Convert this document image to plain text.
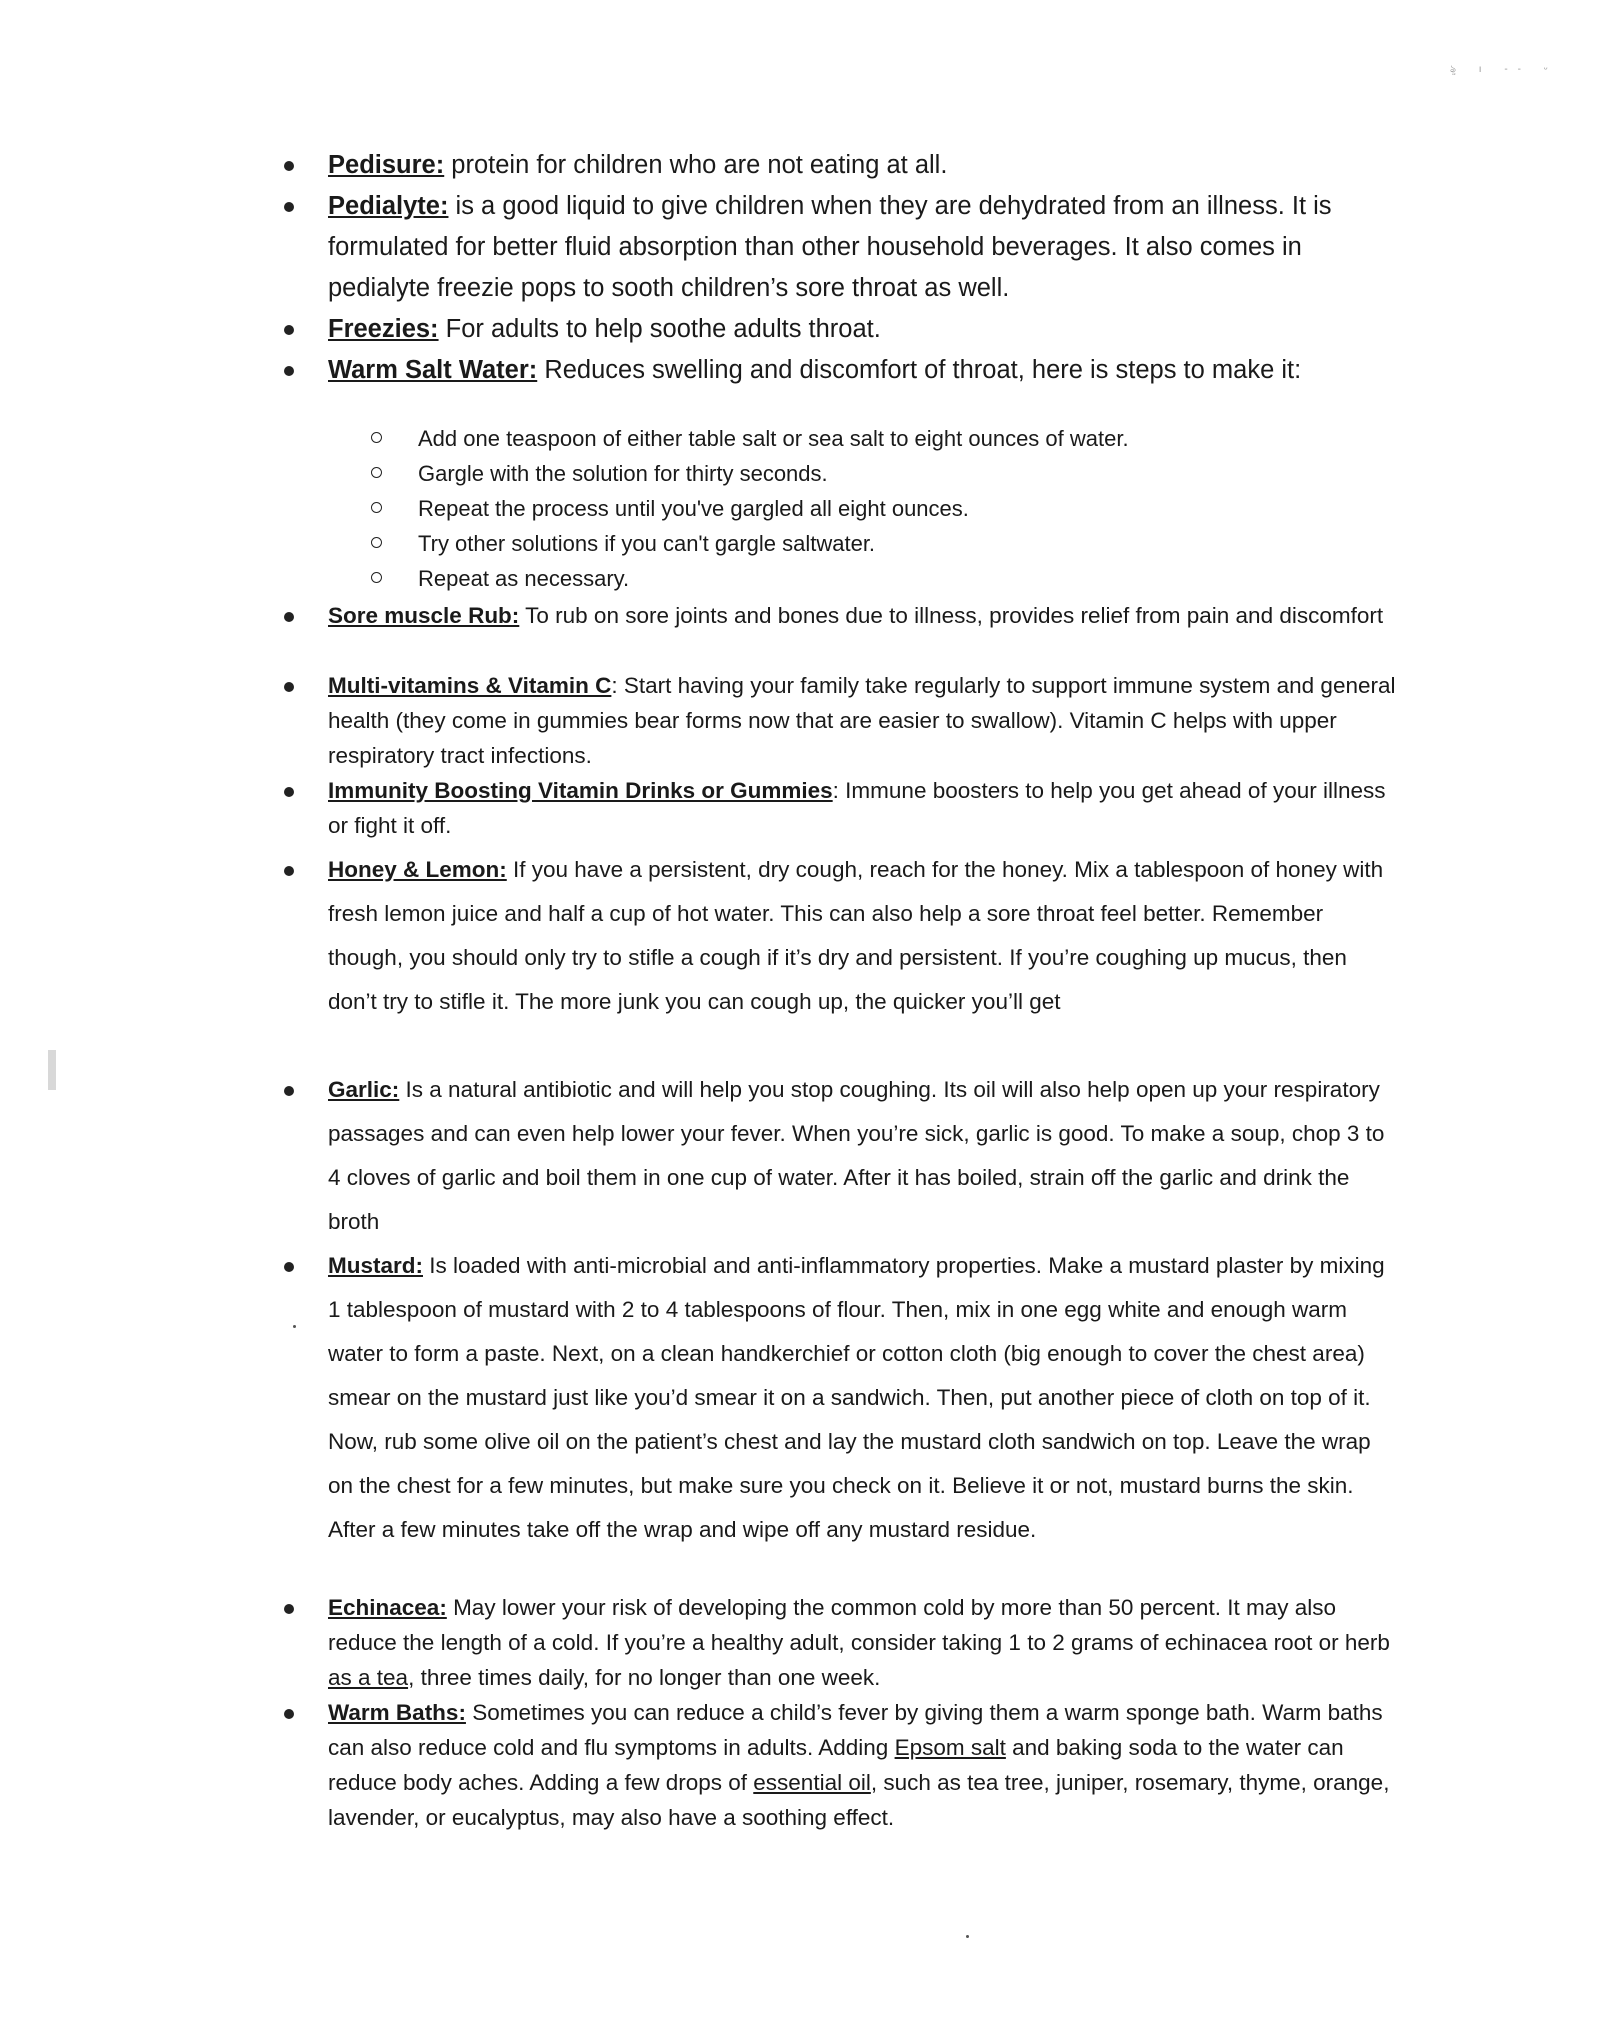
ৡ ı -- ᵕ
Pedisure: protein for children who are not eating at all.
Pedialyte: is a good liquid to give children when they are dehydrated from an illness. It is formulated for better fluid absorption than other household beverages. It also comes in pedialyte freezie pops to sooth children’s sore throat as well.
Freezies: For adults to help soothe adults throat.
Warm Salt Water: Reduces swelling and discomfort of throat, here is steps to make it:
Add one teaspoon of either table salt or sea salt to eight ounces of water.
Gargle with the solution for thirty seconds.
Repeat the process until you've gargled all eight ounces.
Try other solutions if you can't gargle saltwater.
Repeat as necessary.
Sore muscle Rub: To rub on sore joints and bones due to illness, provides relief from pain and discomfort
Multi-vitamins & Vitamin C: Start having your family take regularly to support immune system and general health (they come in gummies bear forms now that are easier to swallow). Vitamin C helps with upper respiratory tract infections.
Immunity Boosting Vitamin Drinks or Gummies: Immune boosters to help you get ahead of your illness or fight it off.
Honey & Lemon: If you have a persistent, dry cough, reach for the honey. Mix a tablespoon of honey with fresh lemon juice and half a cup of hot water. This can also help a sore throat feel better. Remember though, you should only try to stifle a cough if it’s dry and persistent. If you’re coughing up mucus, then don’t try to stifle it. The more junk you can cough up, the quicker you’ll get
Garlic: Is a natural antibiotic and will help you stop coughing. Its oil will also help open up your respiratory passages and can even help lower your fever. When you’re sick, garlic is good. To make a soup, chop 3 to 4 cloves of garlic and boil them in one cup of water. After it has boiled, strain off the garlic and drink the broth
Mustard: Is loaded with anti-microbial and anti-inflammatory properties. Make a mustard plaster by mixing 1 tablespoon of mustard with 2 to 4 tablespoons of flour. Then, mix in one egg white and enough warm water to form a paste. Next, on a clean handkerchief or cotton cloth (big enough to cover the chest area) smear on the mustard just like you’d smear it on a sandwich. Then, put another piece of cloth on top of it. Now, rub some olive oil on the patient’s chest and lay the mustard cloth sandwich on top. Leave the wrap on the chest for a few minutes, but make sure you check on it. Believe it or not, mustard burns the skin. After a few minutes take off the wrap and wipe off any mustard residue.
Echinacea: May lower your risk of developing the common cold by more than 50 percent. It may also reduce the length of a cold. If you’re a healthy adult, consider taking 1 to 2 grams of echinacea root or herb as a tea, three times daily, for no longer than one week.
Warm Baths: Sometimes you can reduce a child’s fever by giving them a warm sponge bath. Warm baths can also reduce cold and flu symptoms in adults. Adding Epsom salt and baking soda to the water can reduce body aches. Adding a few drops of essential oil, such as tea tree, juniper, rosemary, thyme, orange, lavender, or eucalyptus, may also have a soothing effect.
